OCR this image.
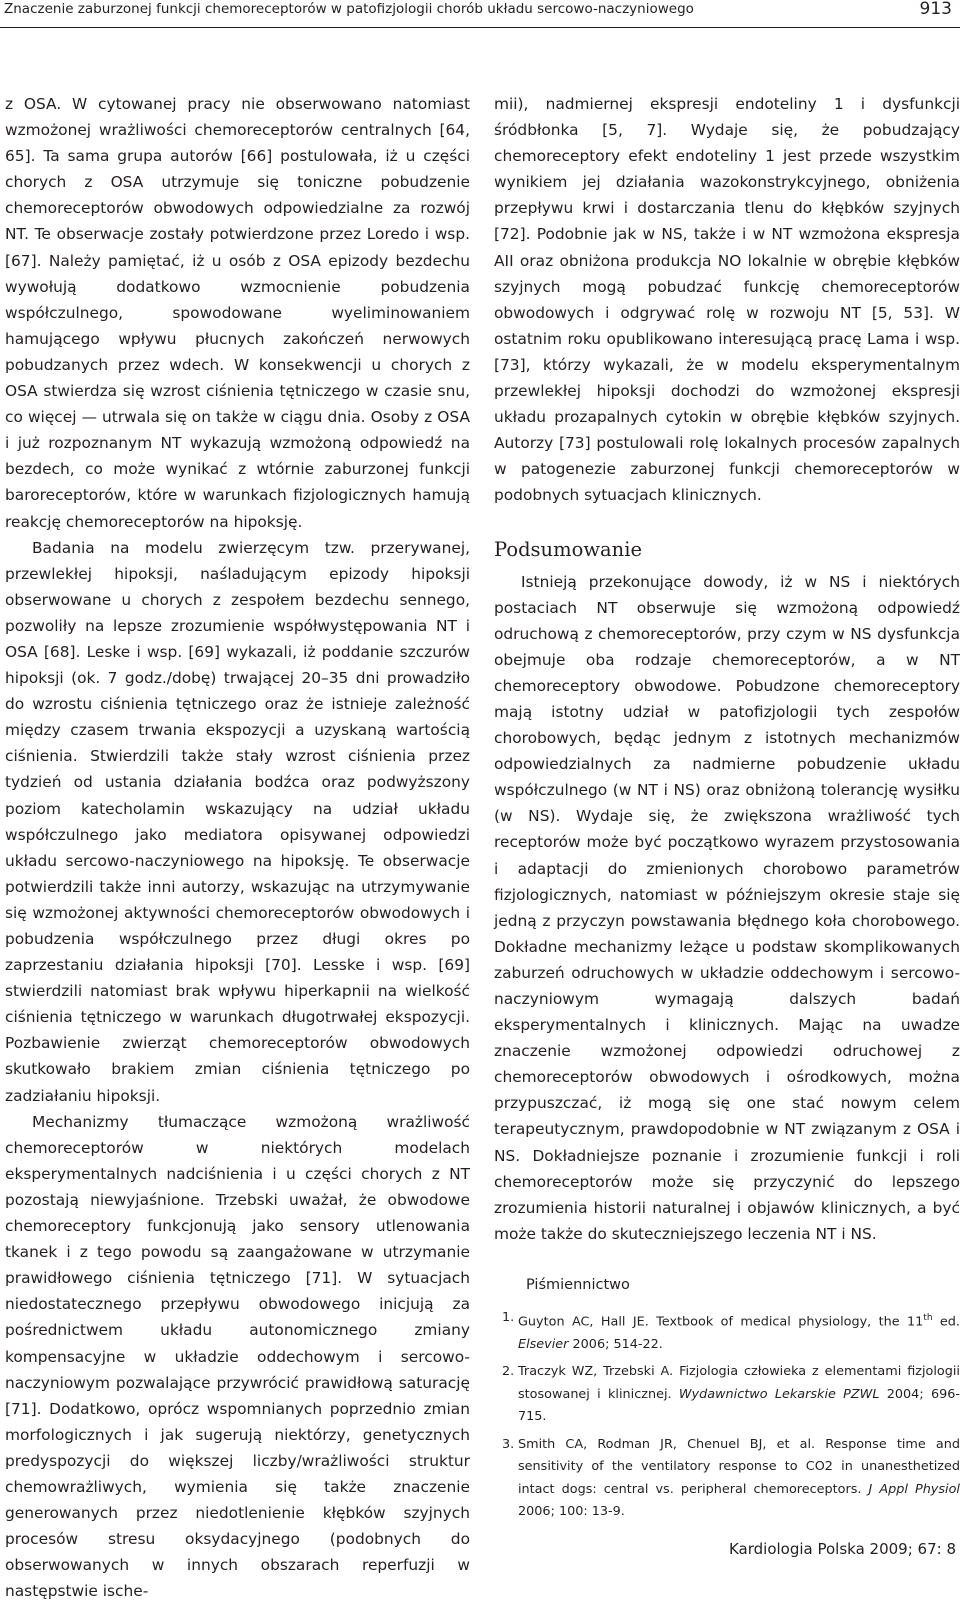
Znaczenie zaburzonej funkcji chemoreceptorów w patofizjologii chorób układu sercowo-naczyniowego	913

z OSA. W cytowanej pracy nie obserwowano natomiast wzmożonej wrażliwości chemoreceptorów centralnych [64, 65]. Ta sama grupa autorów [66] postulowała, iż u części chorych z OSA utrzymuje się toniczne pobudzenie chemoreceptorów obwodowych odpowiedzialne za rozwój NT. Te obserwacje zostały potwierdzone przez Loredo i wsp. [67]. Należy pamiętać, iż u osób z OSA epizody bezdechu wywołują dodatkowo wzmocnienie pobudzenia współczulnego, spowodowane wyeliminowaniem hamującego wpływu płucnych zakończeń nerwowych pobudzanych przez wdech. W konsekwencji u chorych z OSA stwierdza się wzrost ciśnienia tętniczego w czasie snu, co więcej — utrwala się on także w ciągu dnia. Osoby z OSA i już rozpoznanym NT wykazują wzmożoną odpowiedź na bezdech, co może wynikać z wtórnie zaburzonej funkcji baroreceptorów, które w warunkach fizjologicznych hamują reakcję chemoreceptorów na hipoksję.

Badania na modelu zwierzęcym tzw. przerywanej, przewlekłej hipoksji, naśladującym epizody hipoksji obserwowane u chorych z zespołem bezdechu sennego, pozwoliły na lepsze zrozumienie współwystępowania NT i OSA [68]. Leske i wsp. [69] wykazali, iż poddanie szczurów hipoksji (ok. 7 godz./dobę) trwającej 20–35 dni prowadziło do wzrostu ciśnienia tętniczego oraz że istnieje zależność między czasem trwania ekspozycji a uzyskaną wartością ciśnienia. Stwierdzili także stały wzrost ciśnienia przez tydzień od ustania działania bodźca oraz podwyższony poziom katecholamin wskazujący na udział układu współczulnego jako mediatora opisywanej odpowiedzi układu sercowo-naczyniowego na hipoksję. Te obserwacje potwierdzili także inni autorzy, wskazując na utrzymywanie się wzmożonej aktywności chemoreceptorów obwodowych i pobudzenia współczulnego przez długi okres po zaprzestaniu działania hipoksji [70]. Lesske i wsp. [69] stwierdzili natomiast brak wpływu hiperkapnii na wielkość ciśnienia tętniczego w warunkach długotrwałej ekspozycji. Pozbawienie zwierząt chemoreceptorów obwodowych skutkowało brakiem zmian ciśnienia tętniczego po zadziałaniu hipoksji.

Mechanizmy tłumaczące wzmożoną wrażliwość chemoreceptorów w niektórych modelach eksperymentalnych nadciśnienia i u części chorych z NT pozostają niewyjaśnione. Trzebski uważał, że obwodowe chemoreceptory funkcjonują jako sensory utlenowania tkanek i z tego powodu są zaangażowane w utrzymanie prawidłowego ciśnienia tętniczego [71]. W sytuacjach niedostatecznego przepływu obwodowego inicjują za pośrednictwem układu autonomicznego zmiany kompensacyjne w układzie oddechowym i sercowo-naczyniowym pozwalające przywrócić prawidłową saturację [71]. Dodatkowo, oprócz wspomnianych poprzednio zmian morfologicznych i jak sugerują niektórzy, genetycznych predyspozycji do większej liczby/wrażliwości struktur chemowrażliwych, wymienia się także znaczenie generowanych przez niedotlenienie kłębków szyjnych procesów stresu oksydacyjnego (podobnych do obserwowanych w innych obszarach reperfuzji w następstwie ische-

mii), nadmiernej ekspresji endoteliny 1 i dysfunkcji śródbłonka [5, 7]. Wydaje się, że pobudzający chemoreceptory efekt endoteliny 1 jest przede wszystkim wynikiem jej działania wazokonstrykcyjnego, obniżenia przepływu krwi i dostarczania tlenu do kłębków szyjnych [72]. Podobnie jak w NS, także i w NT wzmożona ekspresja AII oraz obniżona produkcja NO lokalnie w obrębie kłębków szyjnych mogą pobudzać funkcję chemoreceptorów obwodowych i odgrywać rolę w rozwoju NT [5, 53]. W ostatnim roku opublikowano interesującą pracę Lama i wsp. [73], którzy wykazali, że w modelu eksperymentalnym przewlekłej hipoksji dochodzi do wzmożonej ekspresji układu prozapalnych cytokin w obrębie kłębków szyjnych. Autorzy [73] postulowali rolę lokalnych procesów zapalnych w patogenezie zaburzonej funkcji chemoreceptorów w podobnych sytuacjach klinicznych.

Podsumowanie

Istnieją przekonujące dowody, iż w NS i niektórych postaciach NT obserwuje się wzmożoną odpowiedź odruchową z chemoreceptorów, przy czym w NS dysfunkcja obejmuje oba rodzaje chemoreceptorów, a w NT chemoreceptory obwodowe. Pobudzone chemoreceptory mają istotny udział w patofizjologii tych zespołów chorobowych, będąc jednym z istotnych mechanizmów odpowiedzialnych za nadmierne pobudzenie układu współczulnego (w NT i NS) oraz obniżoną tolerancję wysiłku (w NS). Wydaje się, że zwiększona wrażliwość tych receptorów może być początkowo wyrazem przystosowania i adaptacji do zmienionych chorobowo parametrów fizjologicznych, natomiast w późniejszym okresie staje się jedną z przyczyn powstawania błędnego koła chorobowego. Dokładne mechanizmy leżące u podstaw skomplikowanych zaburzeń odruchowych w układzie oddechowym i sercowo-naczyniowym wymagają dalszych badań eksperymentalnych i klinicznych. Mając na uwadze znaczenie wzmożonej odpowiedzi odruchowej z chemoreceptorów obwodowych i ośrodkowych, można przypuszczać, iż mogą się one stać nowym celem terapeutycznym, prawdopodobnie w NT związanym z OSA i NS. Dokładniejsze poznanie i zrozumienie funkcji i roli chemoreceptorów może się przyczynić do lepszego zrozumienia historii naturalnej i objawów klinicznych, a być może także do skuteczniejszego leczenia NT i NS.

Piśmiennictwo

1. Guyton AC, Hall JE. Textbook of medical physiology, the 11th ed. Elsevier 2006; 514-22.
2. Traczyk WZ, Trzebski A. Fizjologia człowieka z elementami fizjologii stosowanej i klinicznej. Wydawnictwo Lekarskie PZWL 2004; 696-715.
3. Smith CA, Rodman JR, Chenuel BJ, et al. Response time and sensitivity of the ventilatory response to CO2 in unanesthetized intact dogs: central vs. peripheral chemoreceptors. J Appl Physiol 2006; 100: 13-9.
Kardiologia Polska 2009; 67: 8
